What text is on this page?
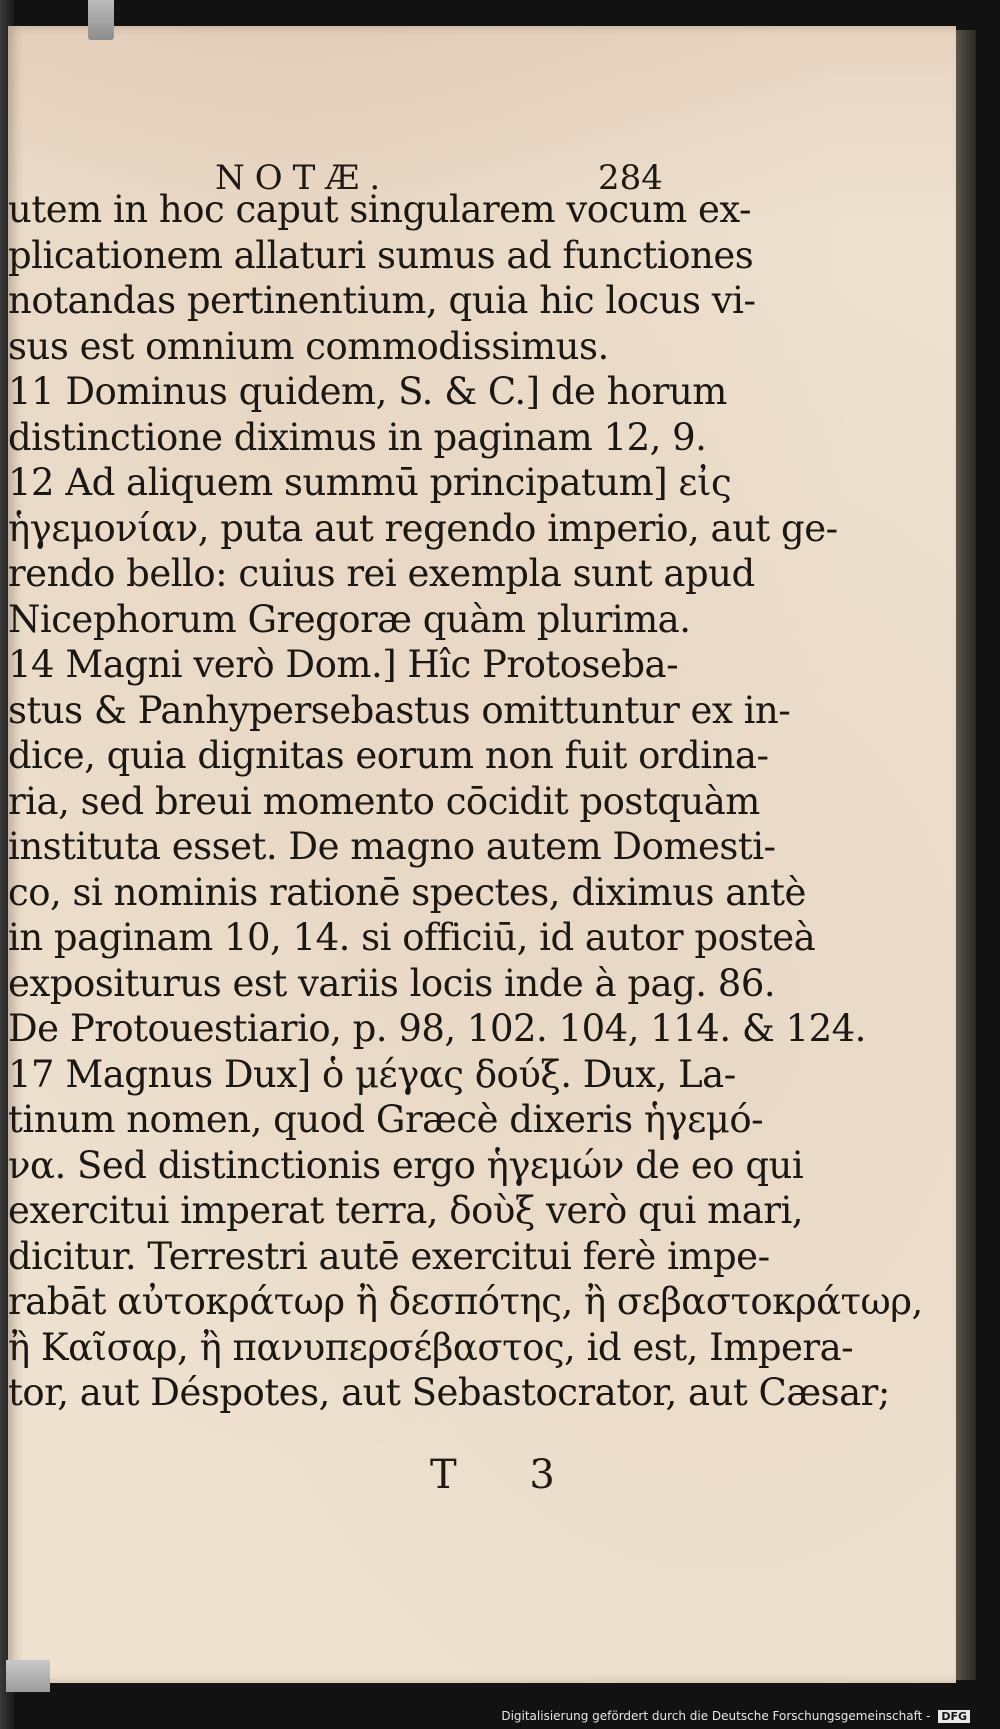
NOTÆ.	284
utem in hoc caput singularem vocum ex-
plicationem allaturi sumus ad functiones
notandas pertinentium, quia hic locus vi-
sus est omnium commodissimus.
11 Dominus quidem, S. & C.] de horum
distinctione diximus in paginam 12, 9.
12 Ad aliquem summū principatum] εἰς
ἡγεμονίαν, puta aut regendo imperio, aut ge-
rendo bello: cuius rei exempla sunt apud
Nicephorum Gregoræ quàm plurima.
14 Magni verò Dom.] Hîc Protoseba-
stus & Panhypersebastus omittuntur ex in-
dice, quia dignitas eorum non fuit ordina-
ria, sed breui momento cōcidit postquàm
instituta esset. De magno autem Domesti-
co, si nominis rationē spectes, diximus antè
in paginam 10, 14. si officiū, id autor posteà
expositurus est variis locis inde à pag. 86.
De Protouestiario, p. 98, 102. 104, 114. & 124.
17 Magnus Dux] ὁ μέγας δούξ. Dux, La-
tinum nomen, quod Græcè dixeris ἡγεμό-
να. Sed distinctionis ergo ἡγεμών de eo qui
exercitui imperat terra, δοὺξ verò qui mari,
dicitur. Terrestri autē exercitui ferè impe-
rabāt αὐτοκράτωρ ἢ δεσπότης, ἢ σεβαστοκράτωρ,
ἢ Καῖσαρ, ἢ πανυπερσέβαστος, id est, Impera-
tor, aut Déspotes, aut Sebastocrator, aut Cæsar;
T 3
Digitalisierung gefördert durch die Deutsche Forschungsgemeinschaft - DFG
